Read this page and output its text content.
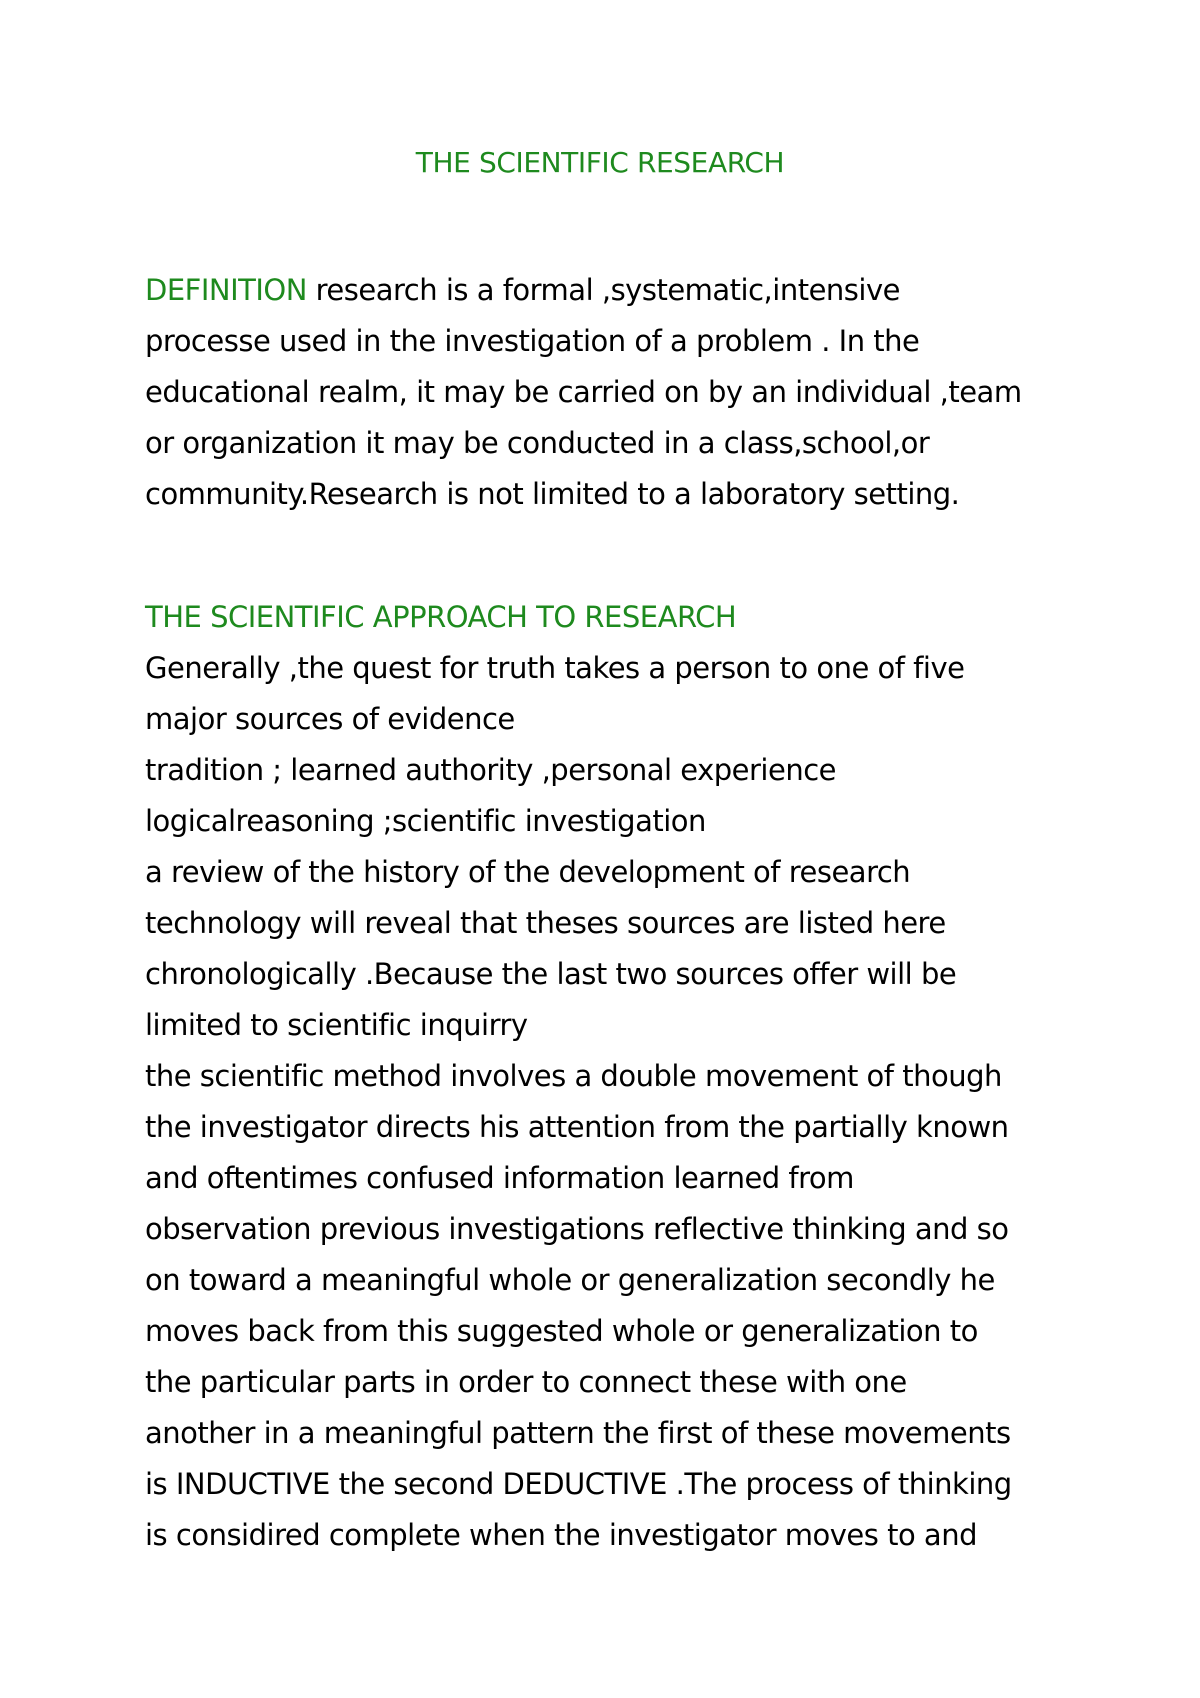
THE SCIENTIFIC RESEARCH
DEFINITION research is a formal ,systematic,intensive
processe used in the investigation of a problem . In the
educational realm, it may be carried on by an individual ,team
or organization it may be conducted in a class,school,or
community.Research is not limited to a laboratory setting.
THE SCIENTIFIC APPROACH TO RESEARCH
Generally ,the quest for truth takes a person to one of five
major sources of evidence
tradition ; learned authority ,personal experience
logicalreasoning ;scientific investigation
a review of the history of the development of research
technology will reveal that theses sources are listed here
chronologically .Because the last two sources offer will be
limited to scientific inquirry
the scientific method involves a double movement of though
the investigator directs his attention from the partially known
and oftentimes confused information learned from
observation previous investigations reflective thinking and so
on toward a meaningful whole or generalization secondly he
moves back from this suggested whole or generalization to
the particular parts in order to connect these with one
another in a meaningful pattern the first of these movements
is INDUCTIVE the second DEDUCTIVE .The process of thinking
is considired complete when the investigator moves to and
